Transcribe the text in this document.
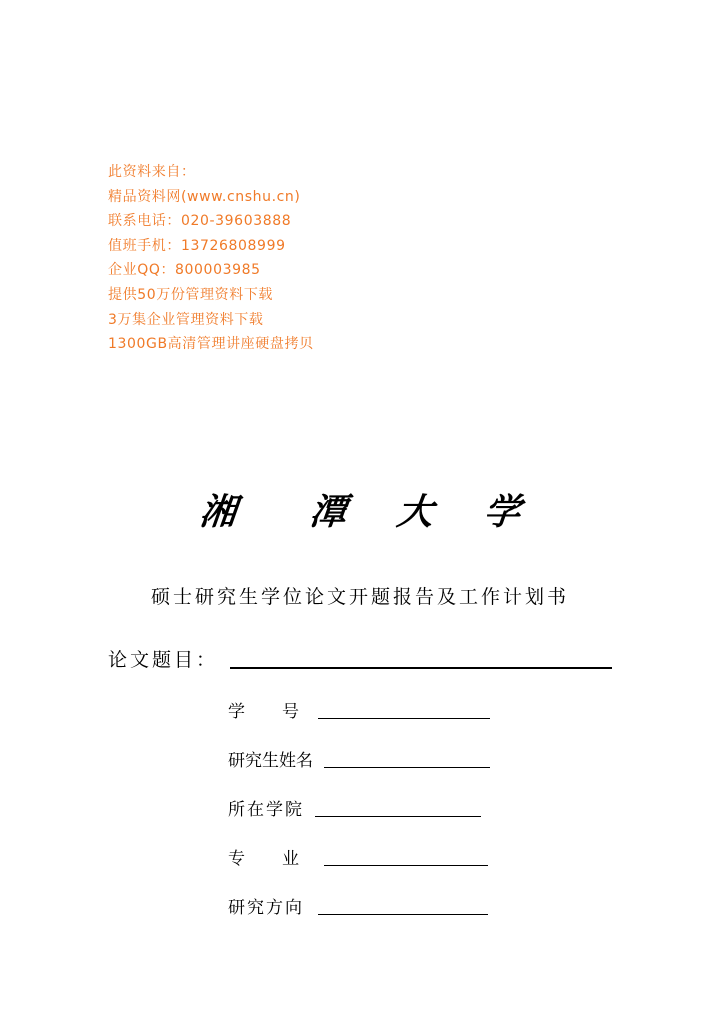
此资料来自：
精品资料网(www.cnshu.cn)
联系电话：020-39603888
值班手机：13726808999
企业QQ：800003985
提供50万份管理资料下载
3万集企业管理资料下载
1300GB高清管理讲座硬盘拷贝
湘 潭 大 学
硕士研究生学位论文开题报告及工作计划书
论文题目：
学　　号
研究生姓名
所在学院
专　　业
研究方向
